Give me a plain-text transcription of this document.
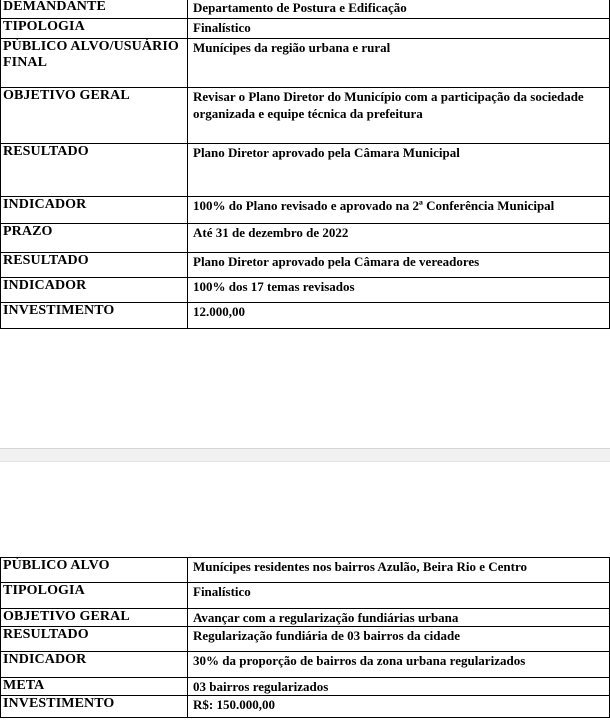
DEMANDANTE	Departamento de Postura e Edificação
TIPOLOGIA	Finalístico
PÚBLICO ALVO/USUÁRIO FINAL	Munícipes da região urbana e rural
OBJETIVO GERAL	Revisar o Plano Diretor do Município com a participação da sociedade organizada e equipe técnica da prefeitura
RESULTADO	Plano Diretor aprovado pela Câmara Municipal
INDICADOR	100% do Plano revisado e aprovado na 2ª Conferência Municipal
PRAZO	Até 31 de dezembro de 2022
RESULTADO	Plano Diretor aprovado pela Câmara de vereadores
INDICADOR	100% dos 17 temas revisados
INVESTIMENTO	12.000,00
PÚBLICO ALVO	Munícipes residentes nos bairros Azulão, Beira Rio e Centro
TIPOLOGIA	Finalístico
OBJETIVO GERAL	Avançar com a regularização fundiárias urbana
RESULTADO	Regularização fundiária de 03 bairros da cidade
INDICADOR	30% da proporção de bairros da zona urbana regularizados
META	03 bairros regularizados
INVESTIMENTO	R$: 150.000,00
